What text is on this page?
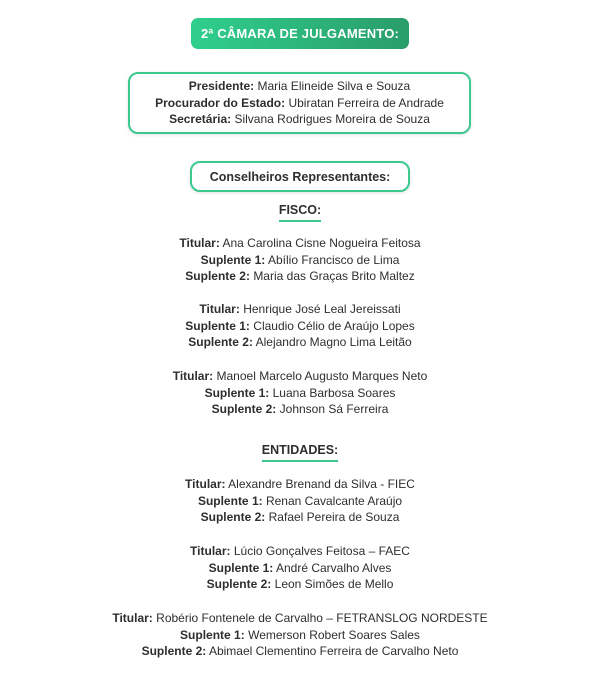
2ª CÂMARA DE JULGAMENTO:
Presidente: Maria Elineide Silva e Souza
Procurador do Estado: Ubiratan Ferreira de Andrade
Secretária: Silvana Rodrigues Moreira de Souza
Conselheiros Representantes:
FISCO:
Titular: Ana Carolina Cisne Nogueira Feitosa
Suplente 1: Abílio Francisco de Lima
Suplente 2: Maria das Graças Brito Maltez
Titular: Henrique José Leal Jereissati
Suplente 1: Claudio Célio de Araújo Lopes
Suplente 2: Alejandro Magno Lima Leitão
Titular: Manoel Marcelo Augusto Marques Neto
Suplente 1: Luana Barbosa Soares
Suplente 2: Johnson Sá Ferreira
ENTIDADES:
Titular: Alexandre Brenand da Silva - FIEC
Suplente 1: Renan Cavalcante Araújo
Suplente 2: Rafael Pereira de Souza
Titular: Lúcio Gonçalves Feitosa – FAEC
Suplente 1: André Carvalho Alves
Suplente 2: Leon Simões de Mello
Titular: Robério Fontenele de Carvalho – FETRANSLOG NORDESTE
Suplente 1: Wemerson Robert Soares Sales
Suplente 2: Abimael Clementino Ferreira de Carvalho Neto
